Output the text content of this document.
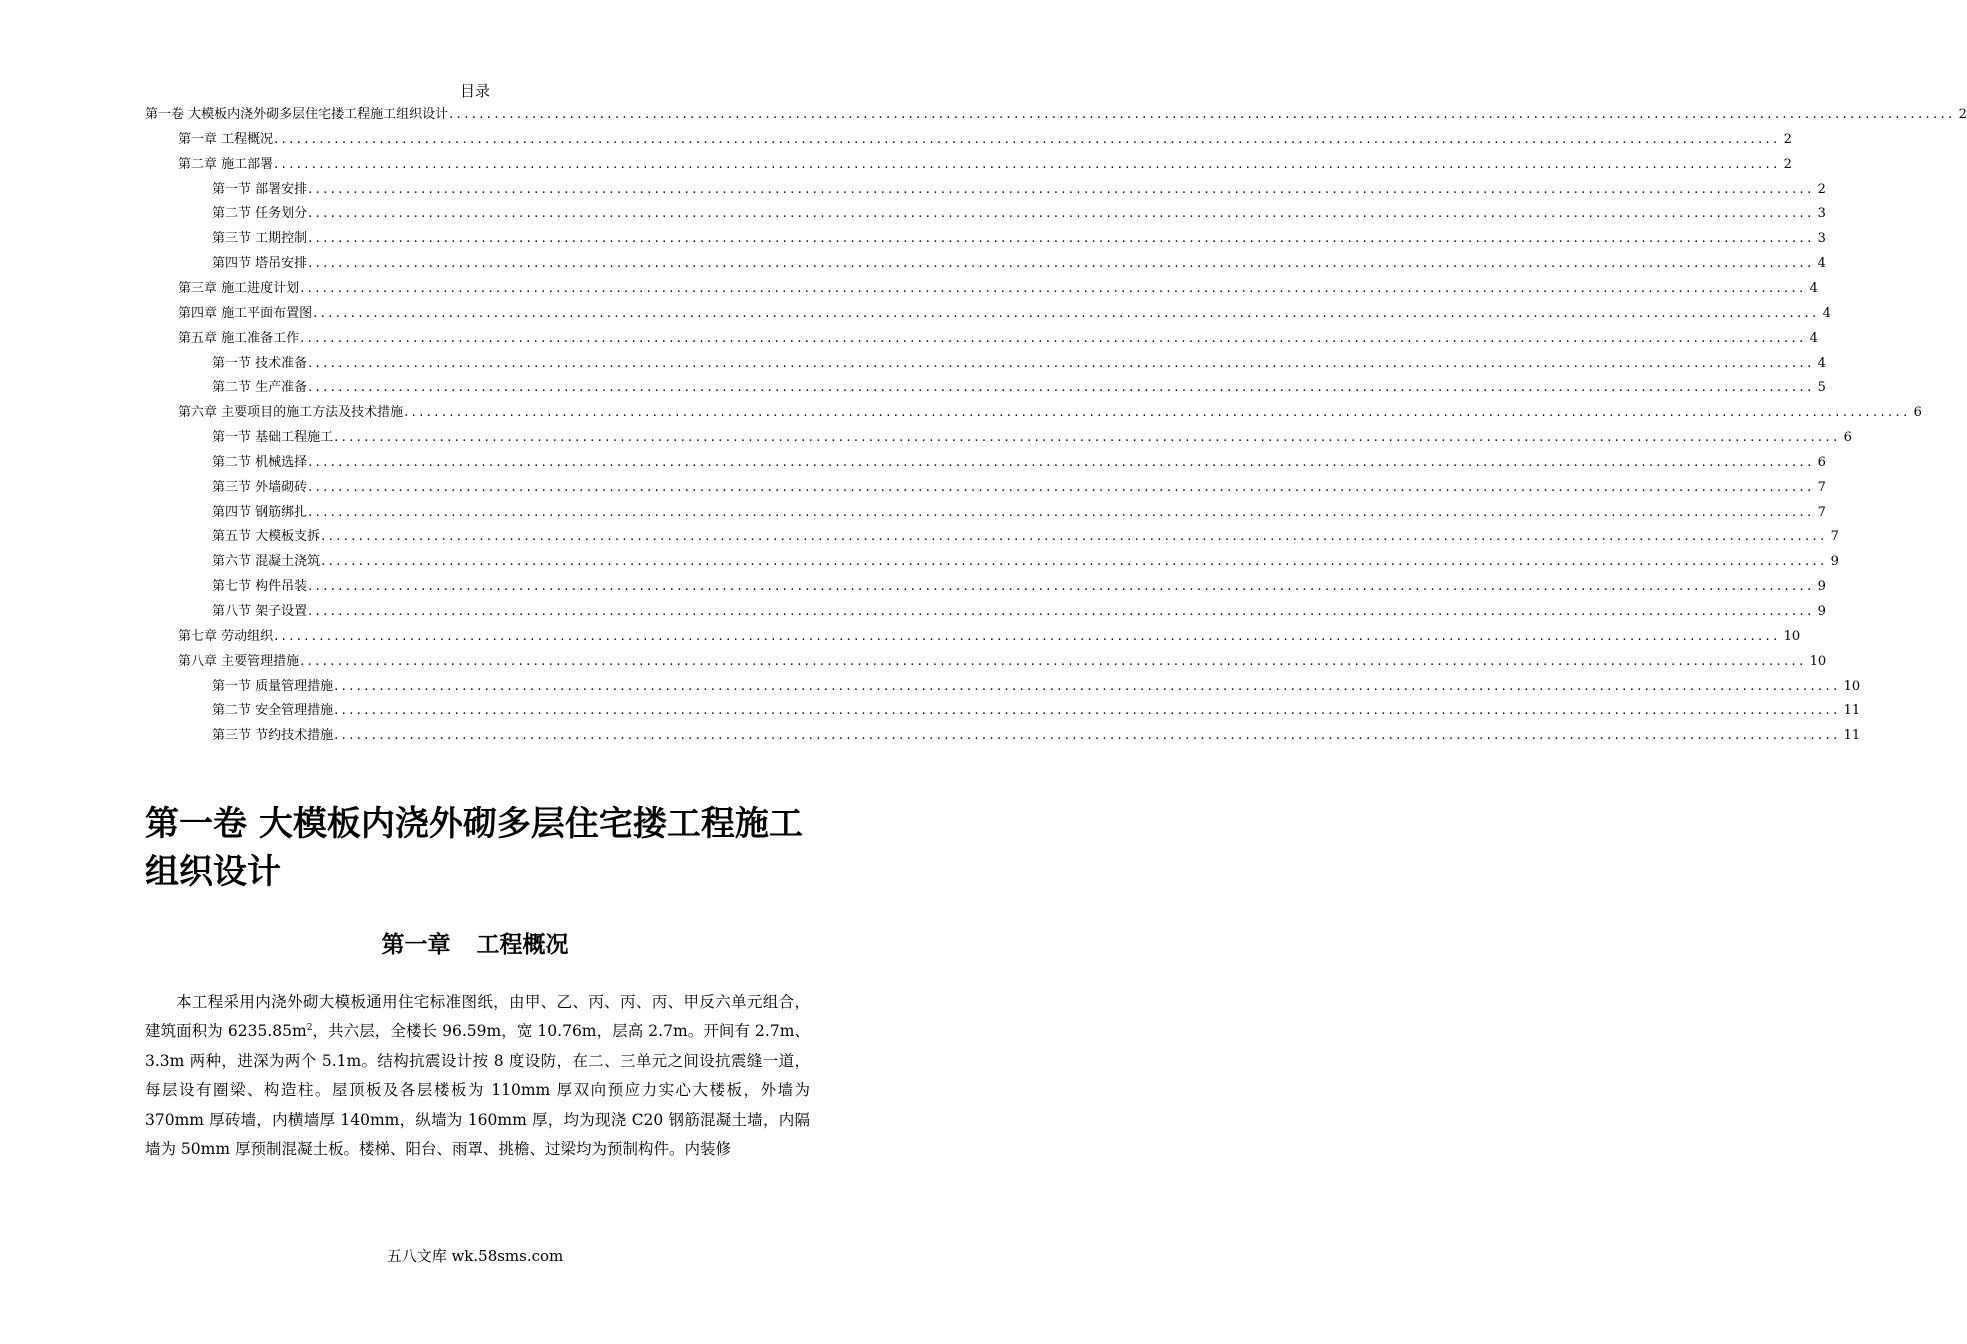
目录
第一卷 大模板内浇外砌多层住宅搂工程施工组织设计 ........................................................................................................................................................................................................ 2
第一章 工程概况 ........................................................................................................................................................................................................ 2
第二章 施工部署 ........................................................................................................................................................................................................ 2
第一节 部署安排 ........................................................................................................................................................................................................ 2
第二节 任务划分 ........................................................................................................................................................................................................ 3
第三节 工期控制 ........................................................................................................................................................................................................ 3
第四节 塔吊安排 ........................................................................................................................................................................................................ 4
第三章 施工进度计划 ........................................................................................................................................................................................................ 4
第四章 施工平面布置图 ........................................................................................................................................................................................................ 4
第五章 施工准备工作 ........................................................................................................................................................................................................ 4
第一节 技术准备 ........................................................................................................................................................................................................ 4
第二节 生产准备 ........................................................................................................................................................................................................ 5
第六章 主要项目的施工方法及技术措施 ........................................................................................................................................................................................................ 6
第一节 基础工程施工 ........................................................................................................................................................................................................ 6
第二节 机械选择 ........................................................................................................................................................................................................ 6
第三节 外墙砌砖 ........................................................................................................................................................................................................ 7
第四节 钢筋绑扎 ........................................................................................................................................................................................................ 7
第五节 大模板支拆 ........................................................................................................................................................................................................ 7
第六节 混凝土浇筑 ........................................................................................................................................................................................................ 9
第七节 构件吊装 ........................................................................................................................................................................................................ 9
第八节 架子设置 ........................................................................................................................................................................................................ 9
第七章 劳动组织 ........................................................................................................................................................................................................ 10
第八章 主要管理措施 ........................................................................................................................................................................................................ 10
第一节 质量管理措施 ........................................................................................................................................................................................................ 10
第二节 安全管理措施 ........................................................................................................................................................................................................ 11
第三节 节约技术措施 ........................................................................................................................................................................................................ 11
第一卷 大模板内浇外砌多层住宅搂工程施工组织设计
第一章 工程概况

本工程采用内浇外砌大模板通用住宅标准图纸，由甲、乙、丙、丙、丙、甲反六单元组合，建筑面积为 $6235.85m^2$，共六层，全楼长 96.59m，宽 10.76m，层高 2.7m。开间有 2.7m、3.3m 两种，进深为两个 5.1m。结构抗震设计按 8 度设防，在二、三单元之间设抗震缝一道，每层设有圈梁、构造柱。屋顶板及各层楼板为 110mm 厚双向预应力实心大楼板，外墙为 370mm 厚砖墙，内横墙厚 140mm，纵墙为 160mm 厚，均为现浇 C20 钢筋混凝土墙，内隔墙为 50mm 厚预制混凝土板。楼梯、阳台、雨罩、挑檐、过梁均为预制构件。内装修

五八文库 wk.58sms.com
